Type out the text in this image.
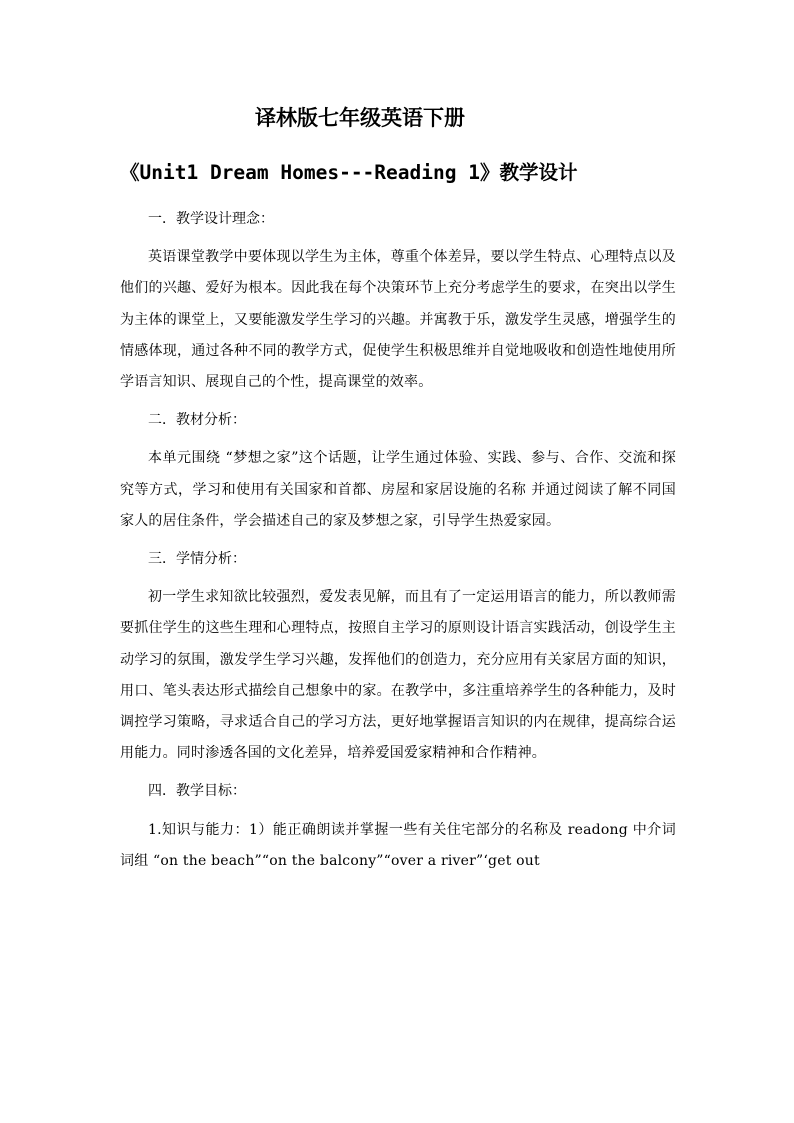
译林版七年级英语下册
《Unit1 Dream Homes---Reading 1》教学设计
一．教学设计理念：
英语课堂教学中要体现以学生为主体，尊重个体差异，要以学生特点、心理特点以及他们的兴趣、爱好为根本。因此我在每个决策环节上充分考虑学生的要求，在突出以学生为主体的课堂上，又要能激发学生学习的兴趣。并寓教于乐，激发学生灵感，增强学生的情感体现，通过各种不同的教学方式，促使学生积极思维并自觉地吸收和创造性地使用所学语言知识、展现自己的个性，提高课堂的效率。
二．教材分析：
本单元围绕 “梦想之家”这个话题，让学生通过体验、实践、参与、合作、交流和探究等方式，学习和使用有关国家和首都、房屋和家居设施的名称 并通过阅读了解不同国家人的居住条件，学会描述自己的家及梦想之家，引导学生热爱家园。
三．学情分析：
初一学生求知欲比较强烈，爱发表见解，而且有了一定运用语言的能力，所以教师需要抓住学生的这些生理和心理特点，按照自主学习的原则设计语言实践活动，创设学生主动学习的氛围，激发学生学习兴趣，发挥他们的创造力，充分应用有关家居方面的知识，用口、笔头表达形式描绘自己想象中的家。在教学中，多注重培养学生的各种能力，及时调控学习策略，寻求适合自己的学习方法，更好地掌握语言知识的内在规律，提高综合运用能力。同时渗透各国的文化差异，培养爱国爱家精神和合作精神。
四．教学目标：
1.知识与能力：1）能正确朗读并掌握一些有关住宅部分的名称及 readong 中介词词组 “on the beach”“on the balcony”“over a river”‘get out
